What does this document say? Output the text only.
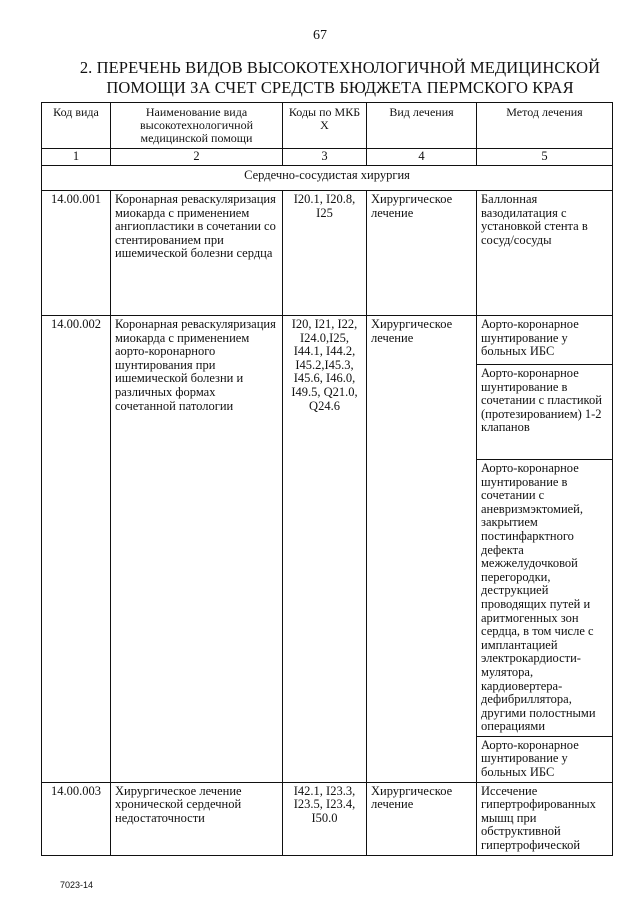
67
2. ПЕРЕЧЕНЬ ВИДОВ ВЫСОКОТЕХНОЛОГИЧНОЙ МЕДИЦИНСКОЙ
ПОМОЩИ ЗА СЧЕТ СРЕДСТВ БЮДЖЕТА ПЕРМСКОГО КРАЯ
Код вида	Наименование вида высокотехнологичной медицинской помощи	Коды по МКБ X	Вид лечения	Метод лечения
1	2	3	4	5
Сердечно-сосудистая хирургия				
14.00.001	Коронарная реваскуляризация миокарда с применением ангиопластики в сочетании со стентированием при ишемической болезни сердца	I20.1, I20.8, I25	Хирургическое лечение	Баллонная вазодилатация с установкой стента в сосуд/сосуды
14.00.002	Коронарная реваскуляризация миокарда с применением аорто-коронарного шунтирования при ишемической болезни и различных формах сочетанной патологии	I20, I21, I22, I24.0,I25, I44.1, I44.2, I45.2,I45.3, I45.6, I46.0, I49.5, Q21.0, Q24.6	Хирургическое лечение	Аорто-коронарное шунтирование у больных ИБС
				Аорто-коронарное шунтирование в сочетании с пластикой (протезированием) 1-2 клапанов
				Аорто-коронарное шунтирование в сочетании с аневризмэктомией, закрытием постинфарктного дефекта межжелудочковой перегородки, деструкцией проводящих путей и аритмогенных зон сердца, в том числе с имплантацией электрокардиости-мулятора, кардиовертера-дефибриллятора, другими полостными операциями
				Аорто-коронарное шунтирование у больных ИБС
14.00.003	Хирургическое лечение хронической сердечной недостаточности	I42.1, I23.3, I23.5, I23.4, I50.0	Хирургическое лечение	Иссечение гипертрофированных мышц при обструктивной гипертрофической
7023-14
